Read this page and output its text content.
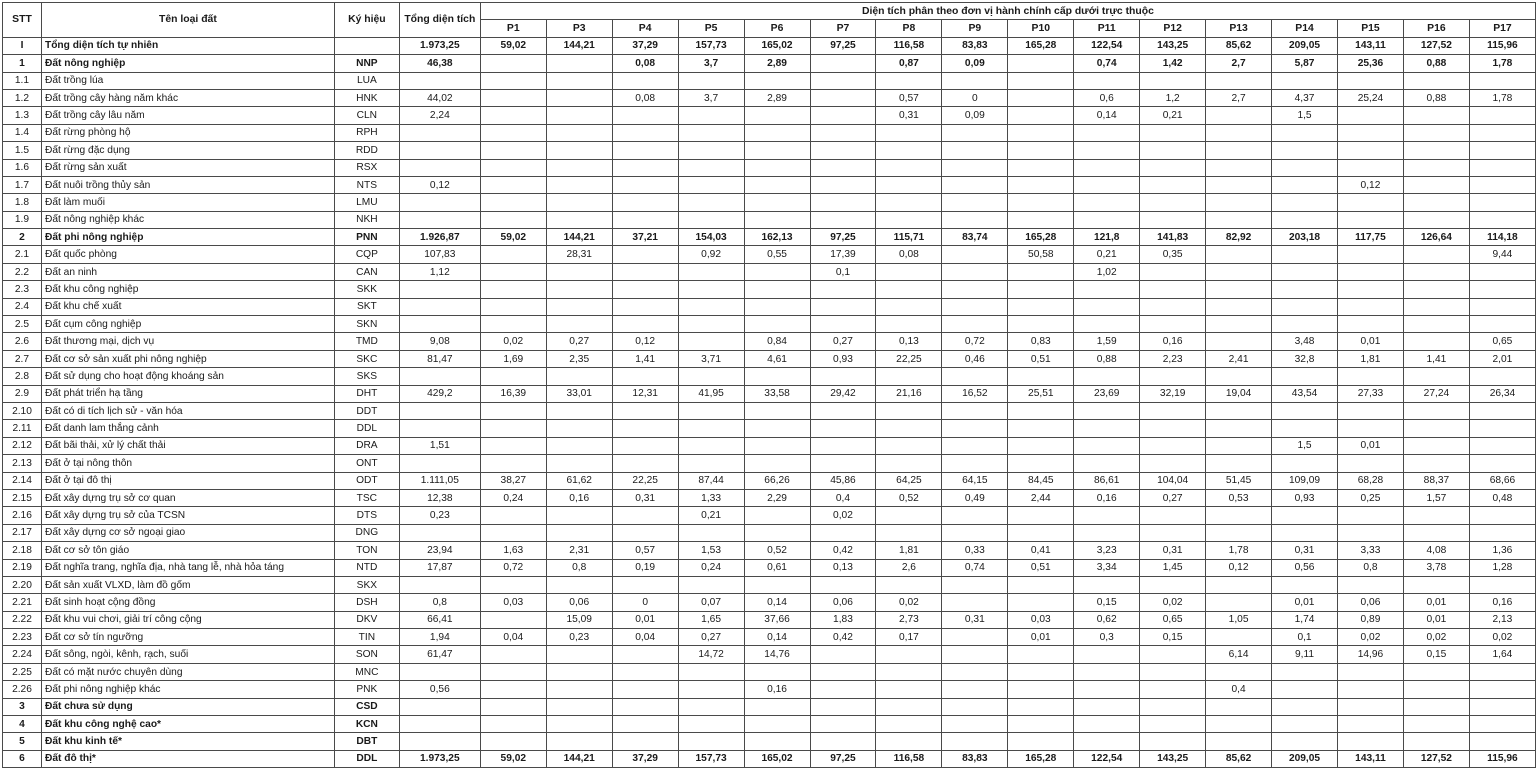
STT	Tên loại đất	Ký hiệu	Tổng diện tích	Diện tích phân theo đơn vị hành chính cấp dưới trực thuộc															
				P1	P3	P4	P5	P6	P7	P8	P9	P10	P11	P12	P13	P14	P15	P16	P17
I	Tổng diện tích tự nhiên		1.973,25	59,02	144,21	37,29	157,73	165,02	97,25	116,58	83,83	165,28	122,54	143,25	85,62	209,05	143,11	127,52	115,96
1	Đất nông nghiệp	NNP	46,38			0,08	3,7	2,89		0,87	0,09		0,74	1,42	2,7	5,87	25,36	0,88	1,78
1.1	Đất trồng lúa	LUA																	
1.2	Đất trồng cây hàng năm khác	HNK	44,02			0,08	3,7	2,89		0,57	0		0,6	1,2	2,7	4,37	25,24	0,88	1,78
1.3	Đất trồng cây lâu năm	CLN	2,24							0,31	0,09		0,14	0,21		1,5			
1.4	Đất rừng phòng hộ	RPH																	
1.5	Đất rừng đặc dụng	RDD																	
1.6	Đất rừng sản xuất	RSX																	
1.7	Đất nuôi trồng thủy sản	NTS	0,12														0,12		
1.8	Đất làm muối	LMU																	
1.9	Đất nông nghiệp khác	NKH																	
2	Đất phi nông nghiệp	PNN	1.926,87	59,02	144,21	37,21	154,03	162,13	97,25	115,71	83,74	165,28	121,8	141,83	82,92	203,18	117,75	126,64	114,18
2.1	Đất quốc phòng	CQP	107,83		28,31		0,92	0,55	17,39	0,08		50,58	0,21	0,35					9,44
2.2	Đất an ninh	CAN	1,12						0,1				1,02						
2.3	Đất khu công nghiệp	SKK																	
2.4	Đất khu chế xuất	SKT																	
2.5	Đất cụm công nghiệp	SKN																	
2.6	Đất thương mại, dịch vụ	TMD	9,08	0,02	0,27	0,12		0,84	0,27	0,13	0,72	0,83	1,59	0,16		3,48	0,01		0,65
2.7	Đất cơ sở sản xuất phi nông nghiệp	SKC	81,47	1,69	2,35	1,41	3,71	4,61	0,93	22,25	0,46	0,51	0,88	2,23	2,41	32,8	1,81	1,41	2,01
2.8	Đất sử dụng cho hoạt động khoáng sản	SKS																	
2.9	Đất phát triển hạ tầng	DHT	429,2	16,39	33,01	12,31	41,95	33,58	29,42	21,16	16,52	25,51	23,69	32,19	19,04	43,54	27,33	27,24	26,34
2.10	Đất có di tích lịch sử - văn hóa	DDT																	
2.11	Đất danh lam thắng cảnh	DDL																	
2.12	Đất bãi thải, xử lý chất thải	DRA	1,51													1,5	0,01		
2.13	Đất ở tại nông thôn	ONT																	
2.14	Đất ở tại đô thị	ODT	1.111,05	38,27	61,62	22,25	87,44	66,26	45,86	64,25	64,15	84,45	86,61	104,04	51,45	109,09	68,28	88,37	68,66
2.15	Đất xây dựng trụ sở cơ quan	TSC	12,38	0,24	0,16	0,31	1,33	2,29	0,4	0,52	0,49	2,44	0,16	0,27	0,53	0,93	0,25	1,57	0,48
2.16	Đất xây dựng trụ sở của TCSN	DTS	0,23				0,21		0,02										
2.17	Đất xây dựng cơ sở ngoại giao	DNG																	
2.18	Đất cơ sở tôn giáo	TON	23,94	1,63	2,31	0,57	1,53	0,52	0,42	1,81	0,33	0,41	3,23	0,31	1,78	0,31	3,33	4,08	1,36
2.19	Đất nghĩa trang, nghĩa địa, nhà tang lễ, nhà hỏa táng	NTD	17,87	0,72	0,8	0,19	0,24	0,61	0,13	2,6	0,74	0,51	3,34	1,45	0,12	0,56	0,8	3,78	1,28
2.20	Đất sản xuất VLXD, làm đồ gốm	SKX																	
2.21	Đất sinh hoạt cộng đồng	DSH	0,8	0,03	0,06	0	0,07	0,14	0,06	0,02			0,15	0,02		0,01	0,06	0,01	0,16
2.22	Đất khu vui chơi, giải trí công cộng	DKV	66,41		15,09	0,01	1,65	37,66	1,83	2,73	0,31	0,03	0,62	0,65	1,05	1,74	0,89	0,01	2,13
2.23	Đất cơ sở tín ngưỡng	TIN	1,94	0,04	0,23	0,04	0,27	0,14	0,42	0,17		0,01	0,3	0,15		0,1	0,02	0,02	0,02
2.24	Đất sông, ngòi, kênh, rạch, suối	SON	61,47				14,72	14,76							6,14	9,11	14,96	0,15	1,64
2.25	Đất có mặt nước chuyên dùng	MNC																	
2.26	Đất phi nông nghiệp khác	PNK	0,56					0,16							0,4				
3	Đất chưa sử dụng	CSD																	
4	Đất khu công nghệ cao*	KCN																	
5	Đất khu kinh tế*	DBT																	
6	Đất đô thị*	DDL	1.973,25	59,02	144,21	37,29	157,73	165,02	97,25	116,58	83,83	165,28	122,54	143,25	85,62	209,05	143,11	127,52	115,96
